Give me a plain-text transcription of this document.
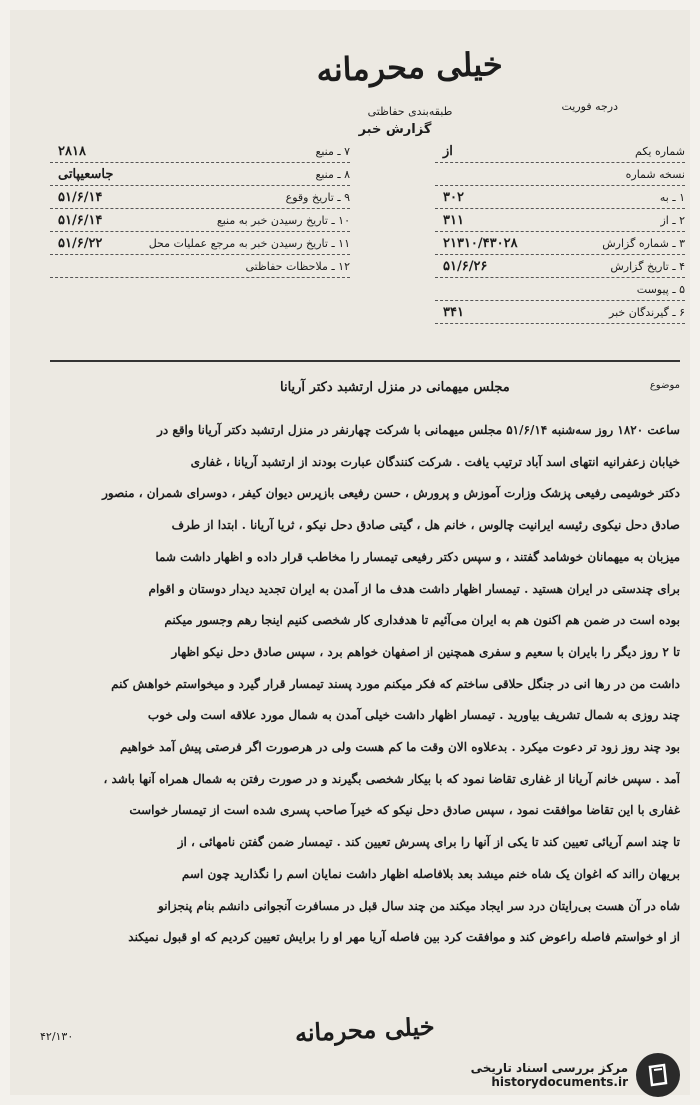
خیلی محرمانه
طبقه‌بندی حفاظتی
گزارش خبر
درجه فوریت
۷ ـ منبع
۲۸۱۸
۸ ـ منبع
جاسعیپاتی
۹ ـ تاریخ وقوع
۵۱/۶/۱۴
۱۰ ـ تاریخ رسیدن خبر به منبع
۵۱/۶/۱۴
۱۱ ـ تاریخ رسیدن خبر به مرجع عملیات محل
۵۱/۶/۲۲
۱۲ ـ ملاحظات حفاظتی
شماره یکم
از
نسخه شماره
۱ ـ به
۳۰۲
۲ ـ از
۳۱۱
۳ ـ شماره گزارش
۲۱۳۱۰/۴۳۰۲۸
۴ ـ تاریخ گزارش
۵۱/۶/۲۶
۵ ـ پیوست
۶ ـ گیرندگان خبر
۳۴۱
موضوع
مجلس میهمانی در منزل ارتشبد دکتر آریانا
ساعت ۱۸۲۰ روز سه‌شنبه ۵۱/۶/۱۴ مجلس میهمانی با شرکت چهارنفر در منزل ارتشبد دکتر آریانا واقع در
خیابان زعفرانیه انتهای اسد آباد ترتیب یافت . شرکت کنندگان عبارت بودند از ارتشبد آریانا ، غفاری
دکتر خوشیمی رفیعی پزشک وزارت آموزش و پرورش ، حسن رفیعی بازپرس دیوان کیفر ، دوسرای شمران ، منصور
صادق دحل نیکوی رئیسه ایرانیت چالوس ، خانم هل ، گیتی صادق دحل نیکو ، ثریا آریانا . ابتدا از طرف
میزبان به میهمانان خوشامد گفتند ، و سپس دکتر رفیعی تیمسار را مخاطب قرار داده و اظهار داشت شما
برای چندستی در ایران هستید . تیمسار اظهار داشت هدف ما از آمدن به ایران تجدید دیدار دوستان و اقوام
بوده است در ضمن هم اکنون هم به ایران می‌آئیم تا هدفداری کار شخصی کنیم اینجا رهم وجسور میکنم
تا ۲ روز دیگر را بایران با سعیم و سفری همچنین از اصفهان خواهم برد ، سپس صادق دحل نیکو اظهار
داشت من در رها انی در جنگل حلاقی ساختم که فکر میکنم مورد پسند تیمسار قرار گیرد و میخواستم خواهش کنم
چند روزی به شمال تشریف بیاورید . تیمسار اظهار داشت خیلی آمدن به شمال مورد علاقه است ولی خوب
بود چند روز زود تر دعوت میکرد . بدعلاوه الان وقت ما کم هست ولی در هرصورت اگر فرصتی پیش آمد خواهیم
آمد . سپس خانم آریانا از غفاری تقاضا نمود که با بیکار شخصی بگیرند و در صورت رفتن به شمال همراه آنها باشد ،
غفاری با این تقاضا موافقت نمود ، سپس صادق دحل نیکو که خیرآ صاحب پسری شده است از تیمسار خواست
تا چند اسم آریائی تعیین کند تا یکی از آنها را برای پسرش تعیین کند . تیمسار ضمن گفتن نامهائی ، از
بریهان رااند که اغوان یک شاه خنم میشد بعد بلافاصله اظهار داشت نمایان اسم را نگذارید چون اسم
شاه در آن هست بی‌رایتان درد سر ایجاد میکند من چند سال قبل در مسافرت آنجوانی دانشم بنام پنجزانو
از او خواستم فاصله راعوض کند و موافقت کرد بین فاصله آریا مهر او را برایش تعیین کردیم که او قبول نمیکند
خیلی محرمانه
۴۲/۱۳۰
مرکز بررسی اسناد تاریخی
historydocuments.ir
